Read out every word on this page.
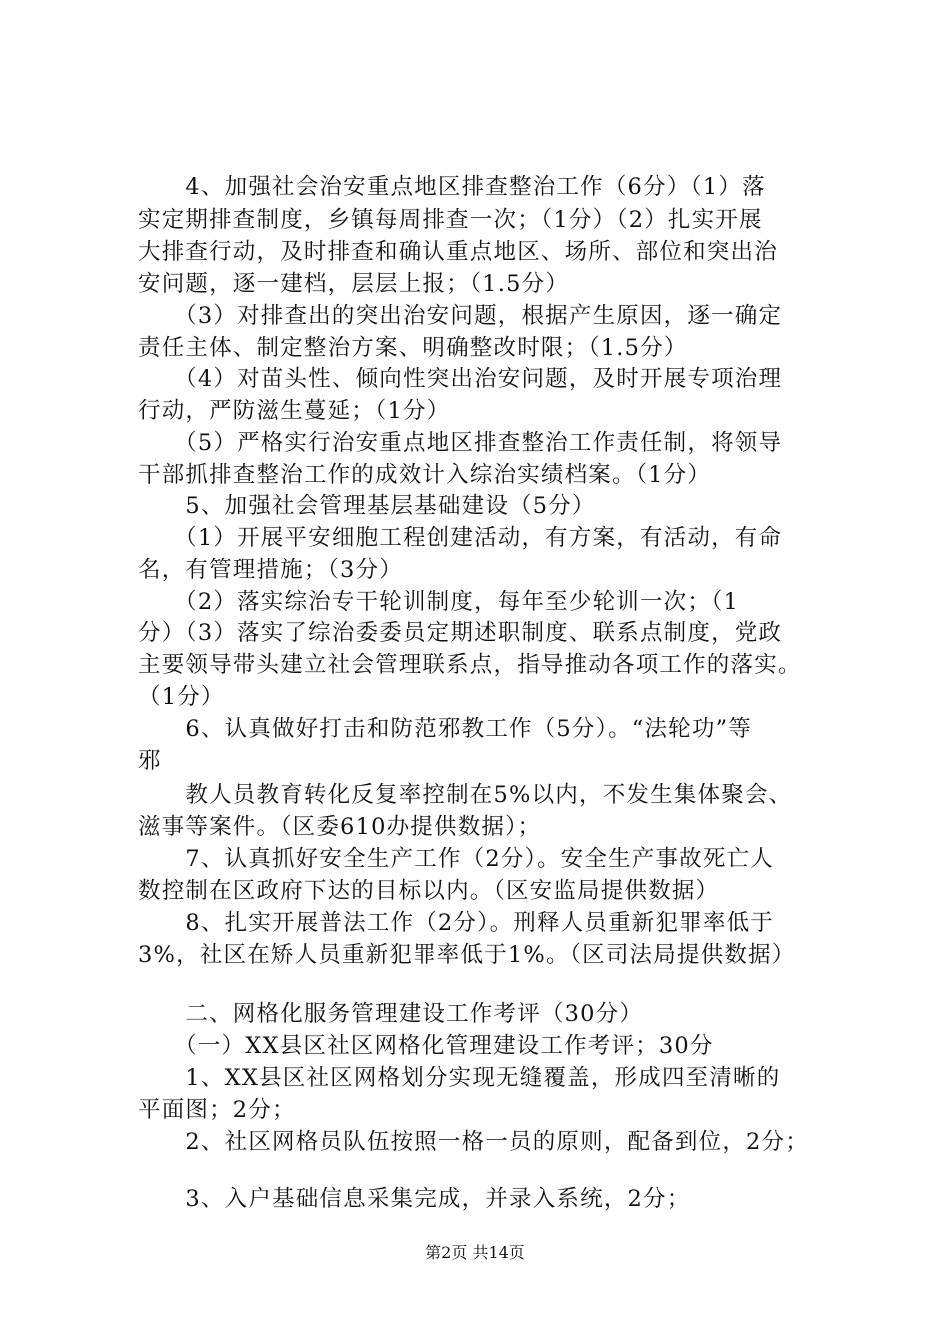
　　4、加强社会治安重点地区排查整治工作（6分）（1）落
实定期排查制度，乡镇每周排查一次；（1分）（2）扎实开展
大排查行动，及时排查和确认重点地区、场所、部位和突出治
安问题，逐一建档，层层上报；（1.5分）
　　（3）对排查出的突出治安问题，根据产生原因，逐一确定
责任主体、制定整治方案、明确整改时限；（1.5分）
　　（4）对苗头性、倾向性突出治安问题，及时开展专项治理
行动，严防滋生蔓延；（1分）
　　（5）严格实行治安重点地区排查整治工作责任制，将领导
干部抓排查整治工作的成效计入综治实绩档案。（1分）
　　5、加强社会管理基层基础建设（5分）
　　（1）开展平安细胞工程创建活动，有方案，有活动，有命
名，有管理措施；（3分）
　　（2）落实综治专干轮训制度，每年至少轮训一次；（1
分）（3）落实了综治委委员定期述职制度、联系点制度，党政
主要领导带头建立社会管理联系点，指导推动各项工作的落实。
（1分）
　　6、认真做好打击和防范邪教工作（5分）。“法轮功”等
邪
　　教人员教育转化反复率控制在5%以内，不发生集体聚会、
滋事等案件。（区委610办提供数据）；
　　7、认真抓好安全生产工作（2分）。安全生产事故死亡人
数控制在区政府下达的目标以内。（区安监局提供数据）
　　8、扎实开展普法工作（2分）。刑释人员重新犯罪率低于
3%，社区在矫人员重新犯罪率低于1%。（区司法局提供数据）
　　二、网格化服务管理建设工作考评（30分）
　　（一）XX县区社区网格化管理建设工作考评；30分
　　1、XX县区社区网格划分实现无缝覆盖，形成四至清晰的
平面图；2分；
　　2、社区网格员队伍按照一格一员的原则，配备到位，2分；
　　3、入户基础信息采集完成，并录入系统，2分；
第2页 共14页
